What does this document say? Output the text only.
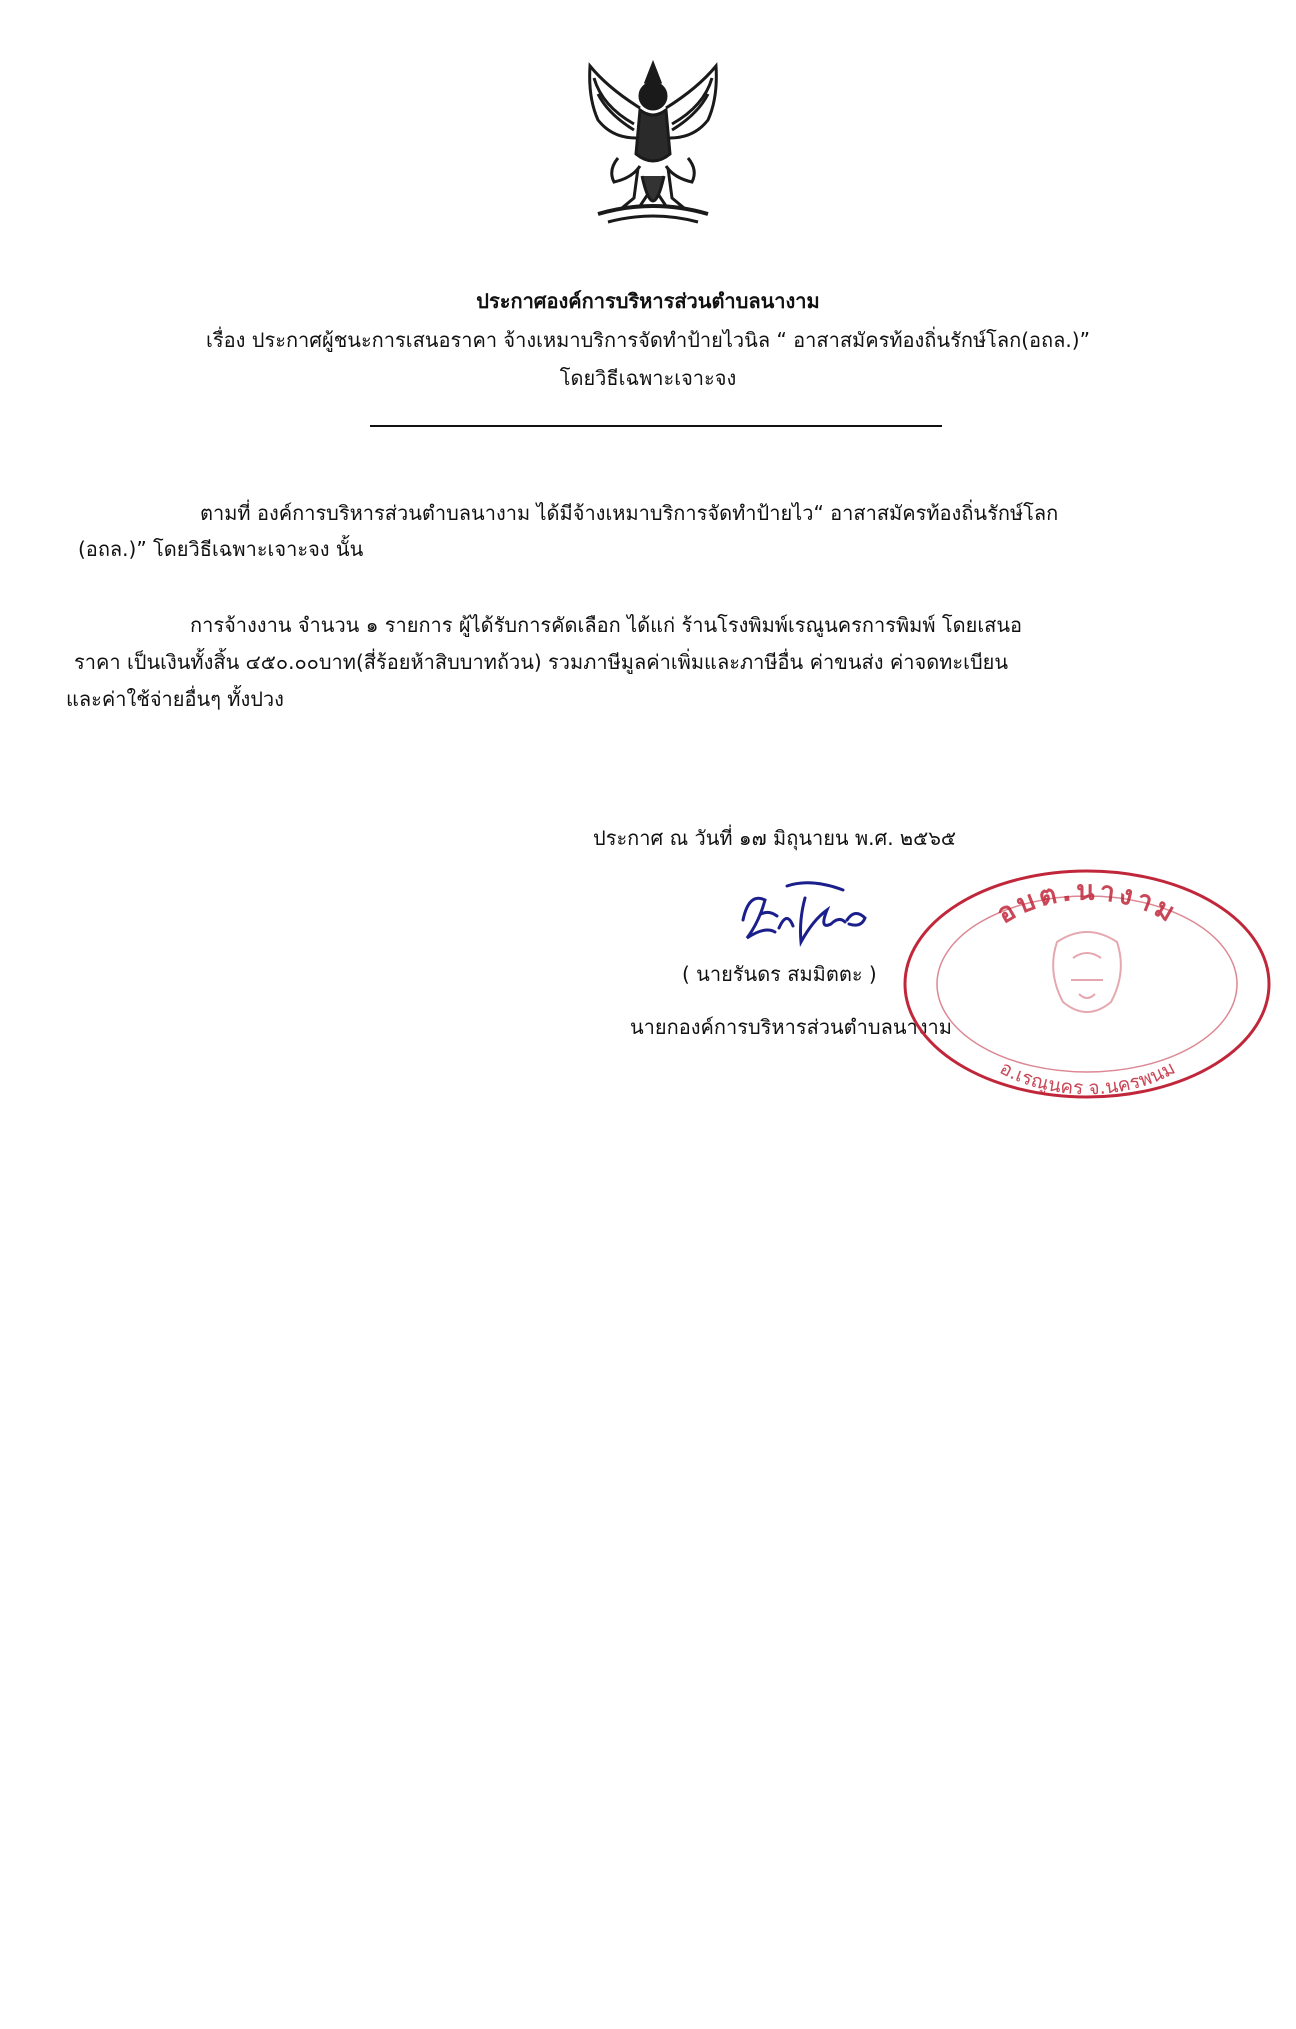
ประกาศองค์การบริหารส่วนตำบลนางาม
เรื่อง ประกาศผู้ชนะการเสนอราคา จ้างเหมาบริการจัดทำป้ายไวนิล “ อาสาสมัครท้องถิ่นรักษ์โลก(อถล.)”
โดยวิธีเฉพาะเจาะจง
ตามที่ องค์การบริหารส่วนตำบลนางาม ได้มีจ้างเหมาบริการจัดทำป้ายไว“ อาสาสมัครท้องถิ่นรักษ์โลก
(อถล.)” โดยวิธีเฉพาะเจาะจง นั้น
การจ้างงาน จำนวน ๑ รายการ ผู้ได้รับการคัดเลือก ได้แก่ ร้านโรงพิมพ์เรณูนครการพิมพ์ โดยเสนอ
ราคา เป็นเงินทั้งสิ้น ๔๕๐.๐๐บาท(สี่ร้อยห้าสิบบาทถ้วน) รวมภาษีมูลค่าเพิ่มและภาษีอื่น ค่าขนส่ง ค่าจดทะเบียน
และค่าใช้จ่ายอื่นๆ ทั้งปวง
ประกาศ ณ วันที่ ๑๗ มิถุนายน พ.ศ. ๒๕๖๕
( นายรันดร สมมิตตะ )
นายกองค์การบริหารส่วนตำบลนางาม
อบต.นางาม
อ.เรณูนคร จ.นครพนม
